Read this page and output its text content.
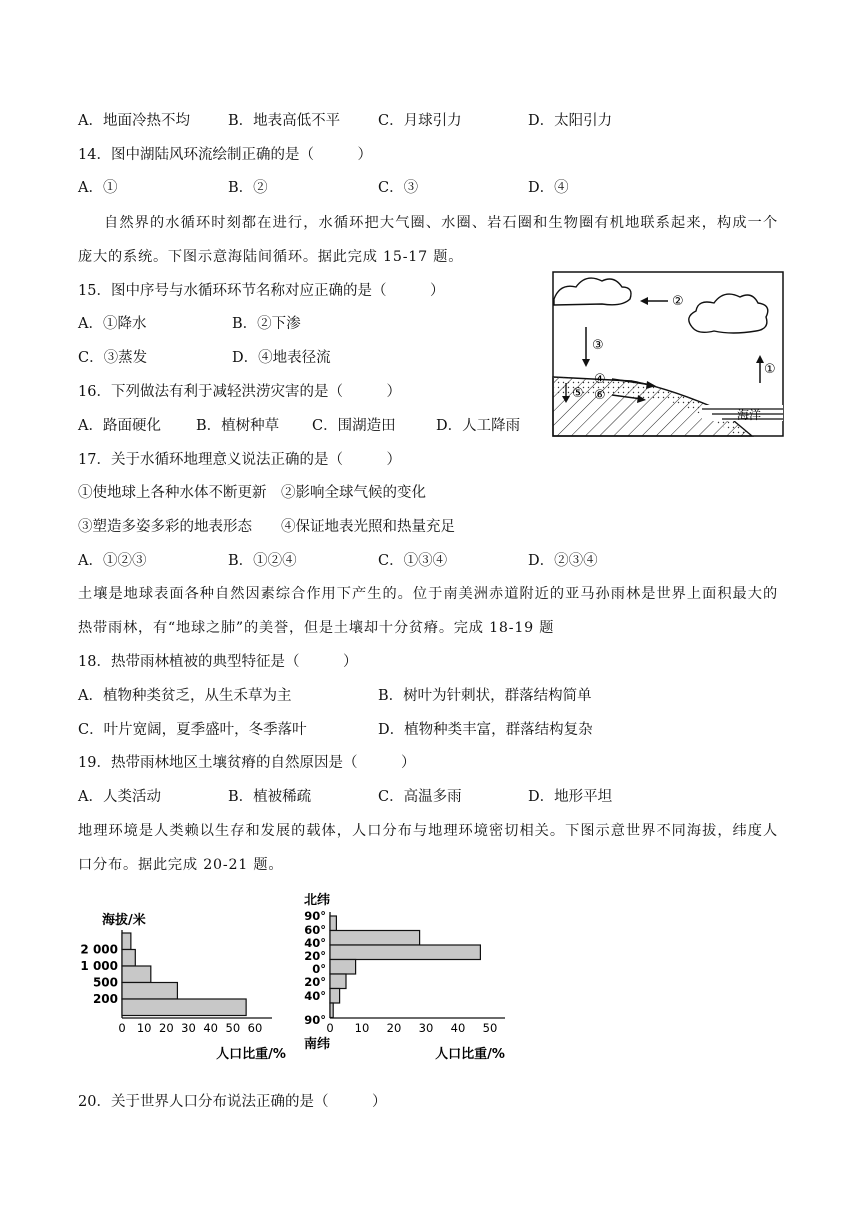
A．地面冷热不均	B．地表高低不平	C．月球引力	D．太阳引力
14．图中湖陆风环流绘制正确的是（　　　）
A．①	B．②	C．③	D．④
自然界的水循环时刻都在进行，水循环把大气圈、水圈、岩石圈和生物圈有机地联系起来，构成一个庞大的系统。下图示意海陆间循环。据此完成 15-17 题。
15．图中序号与水循环环节名称对应正确的是（　　　）
A．①降水	B．②下渗
C．③蒸发	D．④地表径流
16．下列做法有利于减轻洪涝灾害的是（　　　）
A．路面硬化 B．植树种草 C．围湖造田	D．人工降雨
②
③
①
海洋
④
⑥
⑤
17．关于水循环地理意义说法正确的是（　　　）
①使地球上各种水体不断更新　②影响全球气候的变化
③塑造多姿多彩的地表形态　　④保证地表光照和热量充足
A．①②③	B．①②④	C．①③④	D．②③④
土壤是地球表面各种自然因素综合作用下产生的。位于南美洲赤道附近的亚马孙雨林是世界上面积最大的热带雨林，有“地球之肺”的美誉，但是土壤却十分贫瘠。完成 18-19 题
18．热带雨林植被的典型特征是（　　　）
A．植物种类贫乏，从生禾草为主	B．树叶为针刺状，群落结构简单
C．叶片宽阔，夏季盛叶，冬季落叶	D．植物种类丰富，群落结构复杂
19．热带雨林地区土壤贫瘠的自然原因是（　　　）
A．人类活动	B．植被稀疏	C．高温多雨	D．地形平坦
地理环境是人类赖以生存和发展的载体，人口分布与地理环境密切相关。下图示意世界不同海拔，纬度人口分布。据此完成 20-21 题。
海拔/米
2 000
1 000
500
200
0 10 20 30 40 50 60
人口比重/%
北纬
90°
60°
40°
20°
0°
20°
40°
90°
0 10 20 30 40 50
南纬
人口比重/%
20．关于世界人口分布说法正确的是（　　　）
